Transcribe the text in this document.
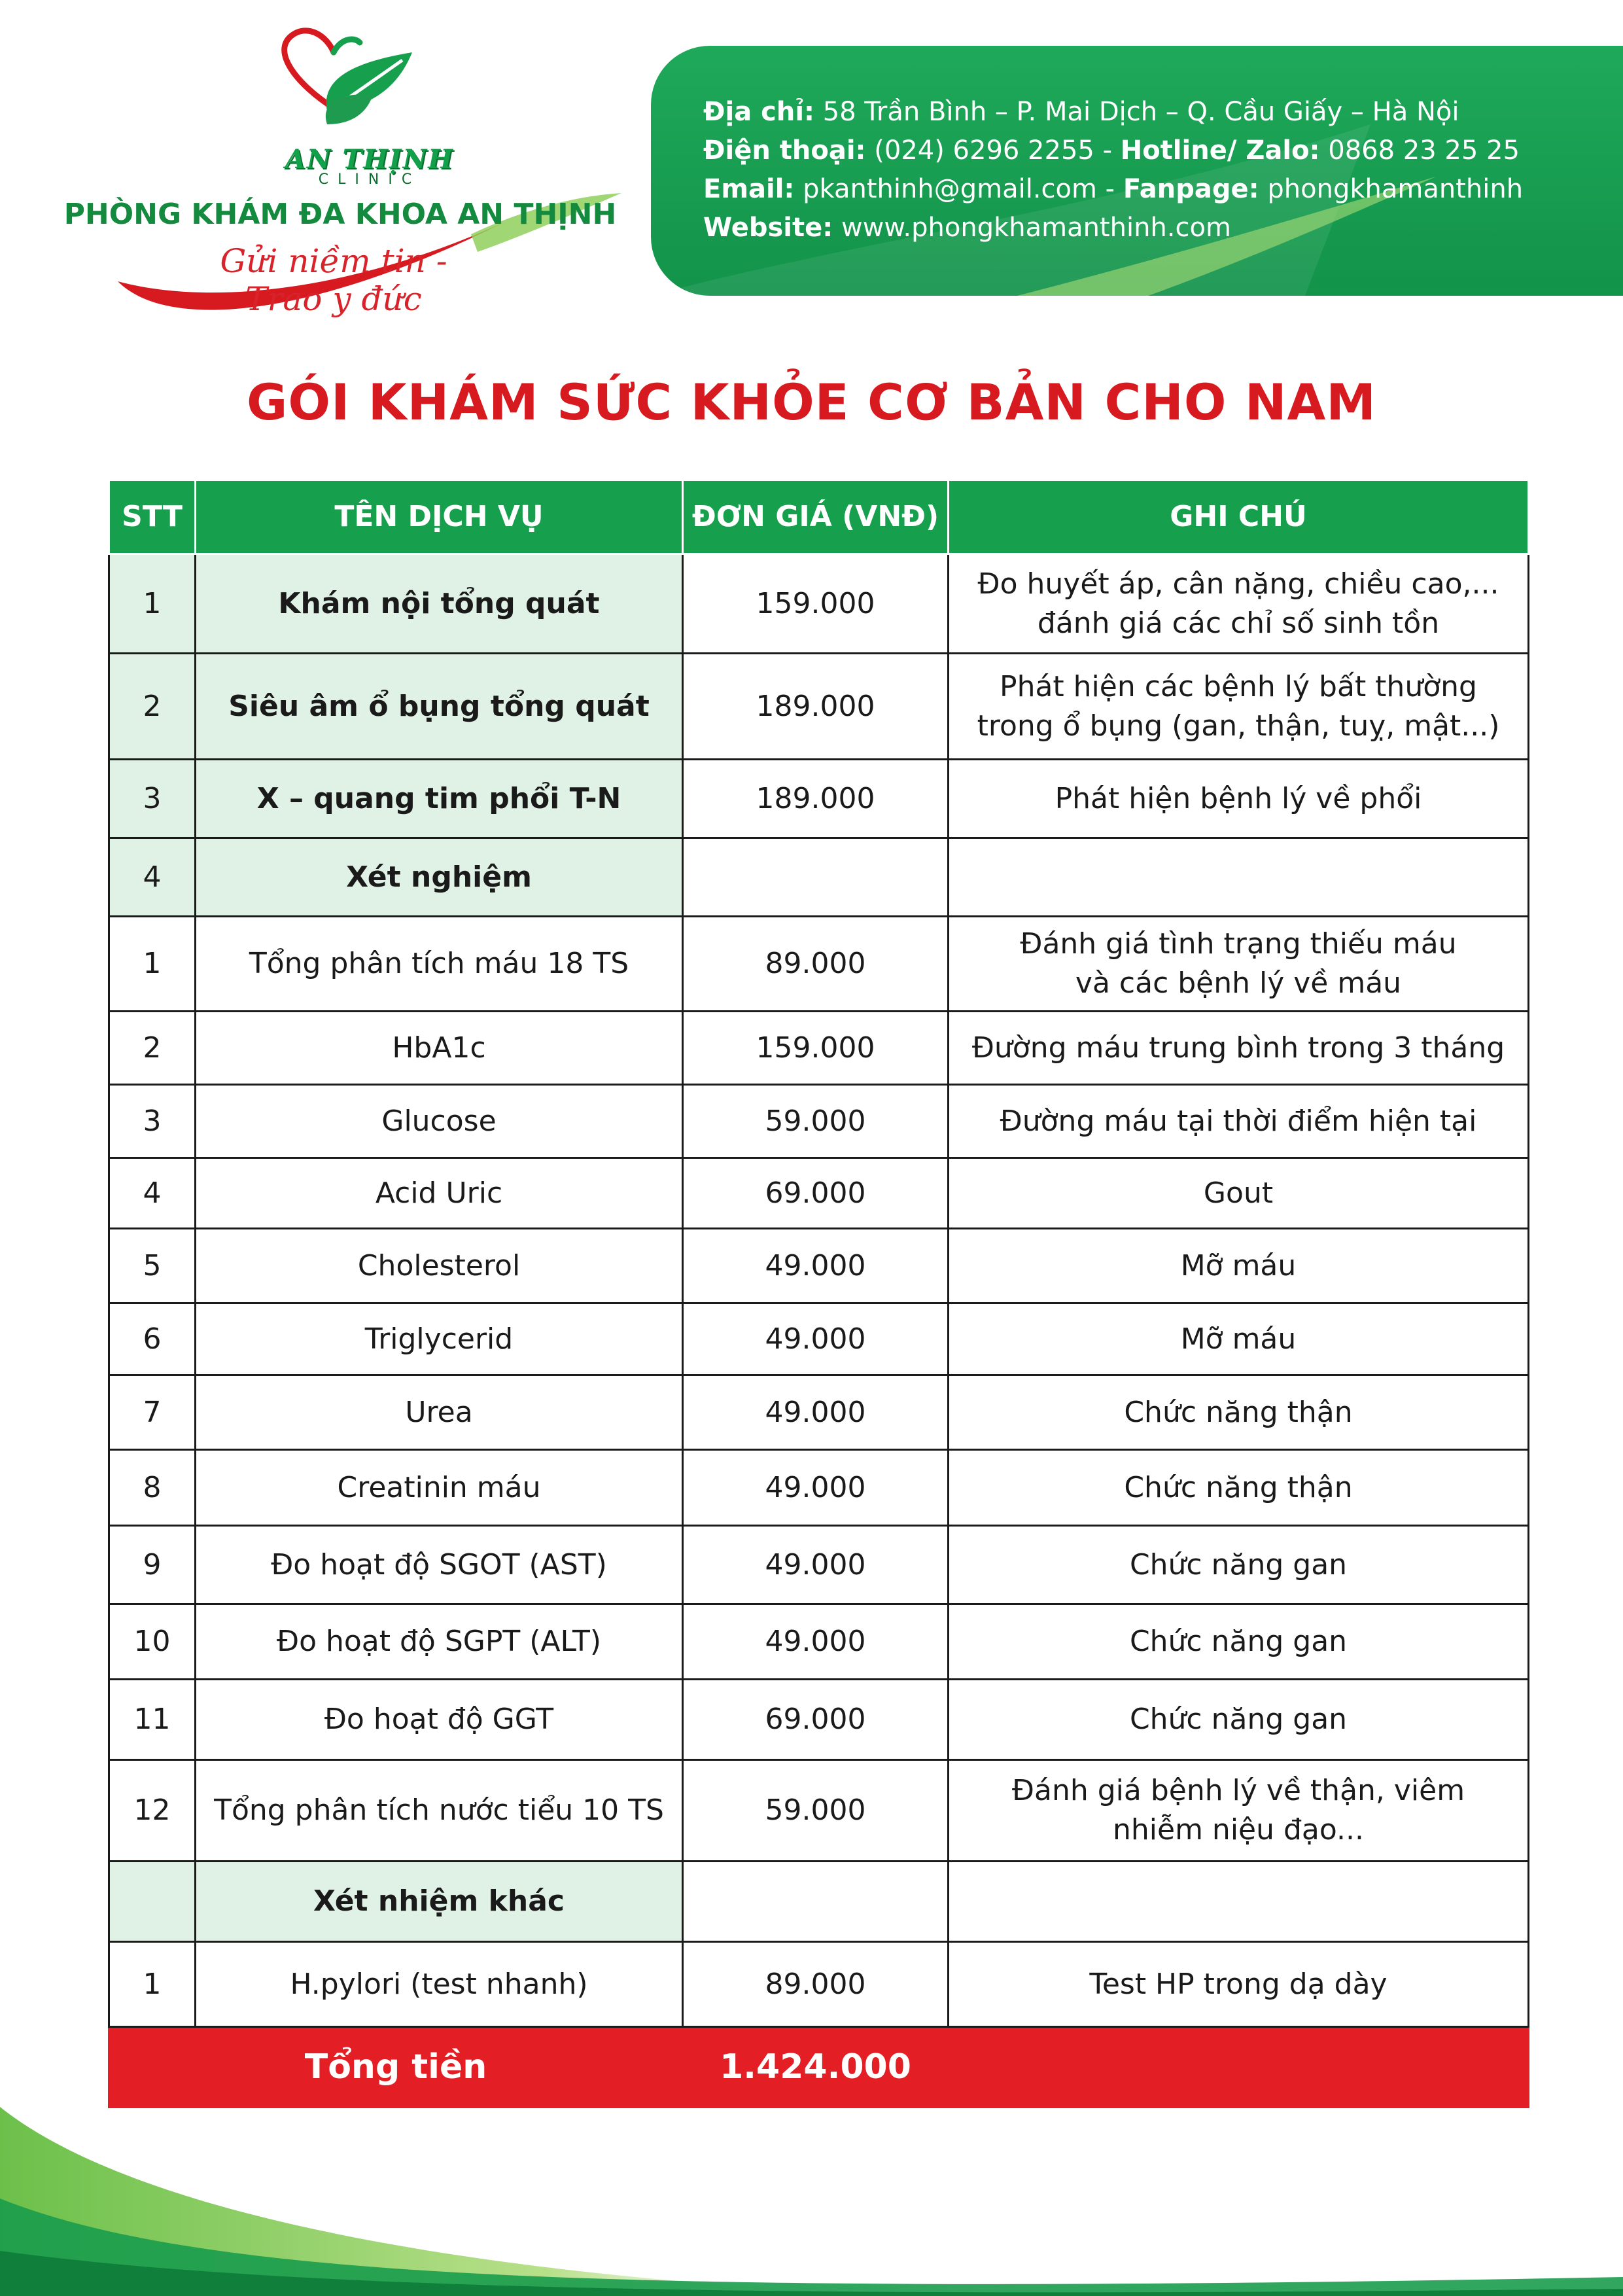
AN THỊNH
CLINIC
PHÒNG KHÁM ĐA KHOA AN THỊNH
Gửi niềm tin - Trao y đức
Địa chỉ: 58 Trần Bình – P. Mai Dịch – Q. Cầu Giấy – Hà Nội
Điện thoại: (024) 6296 2255 - Hotline/ Zalo: 0868 23 25 25
Email: pkanthinh@gmail.com - Fanpage: phongkhamanthinh
Website: www.phongkhamanthinh.com
GÓI KHÁM SỨC KHỎE CƠ BẢN CHO NAM
STT	TÊN DỊCH VỤ	ĐƠN GIÁ (VNĐ)	GHI CHÚ
1	Khám nội tổng quát	159.000	Đo huyết áp, cân nặng, chiều cao,...
đánh giá các chỉ số sinh tồn

2	Siêu âm ổ bụng tổng quát	189.000	Phát hiện các bệnh lý bất thường
trong ổ bụng (gan, thận, tuỵ, mật...)

3	X – quang tim phổi T-N	189.000	Phát hiện bệnh lý về phổi
4	Xét nghiệm		
1	Tổng phân tích máu 18 TS	89.000	Đánh giá tình trạng thiếu máu
và các bệnh lý về máu

2	HbA1c	159.000	Đường máu trung bình trong 3 tháng
3	Glucose	59.000	Đường máu tại thời điểm hiện tại
4	Acid Uric	69.000	Gout
5	Cholesterol	49.000	Mỡ máu
6	Triglycerid	49.000	Mỡ máu
7	Urea	49.000	Chức năng thận
8	Creatinin máu	49.000	Chức năng thận
9	Đo hoạt độ SGOT (AST)	49.000	Chức năng gan
10	Đo hoạt độ SGPT (ALT)	49.000	Chức năng gan
11	Đo hoạt độ GGT	69.000	Chức năng gan
12	Tổng phân tích nước tiểu 10 TS	59.000	Đánh giá bệnh lý về thận, viêm
nhiễm niệu đạo...

	Xét nhiệm khác		
1	H.pylori (test nhanh)	89.000	Test HP trong dạ dày
Tổng tiền		1.424.000	
